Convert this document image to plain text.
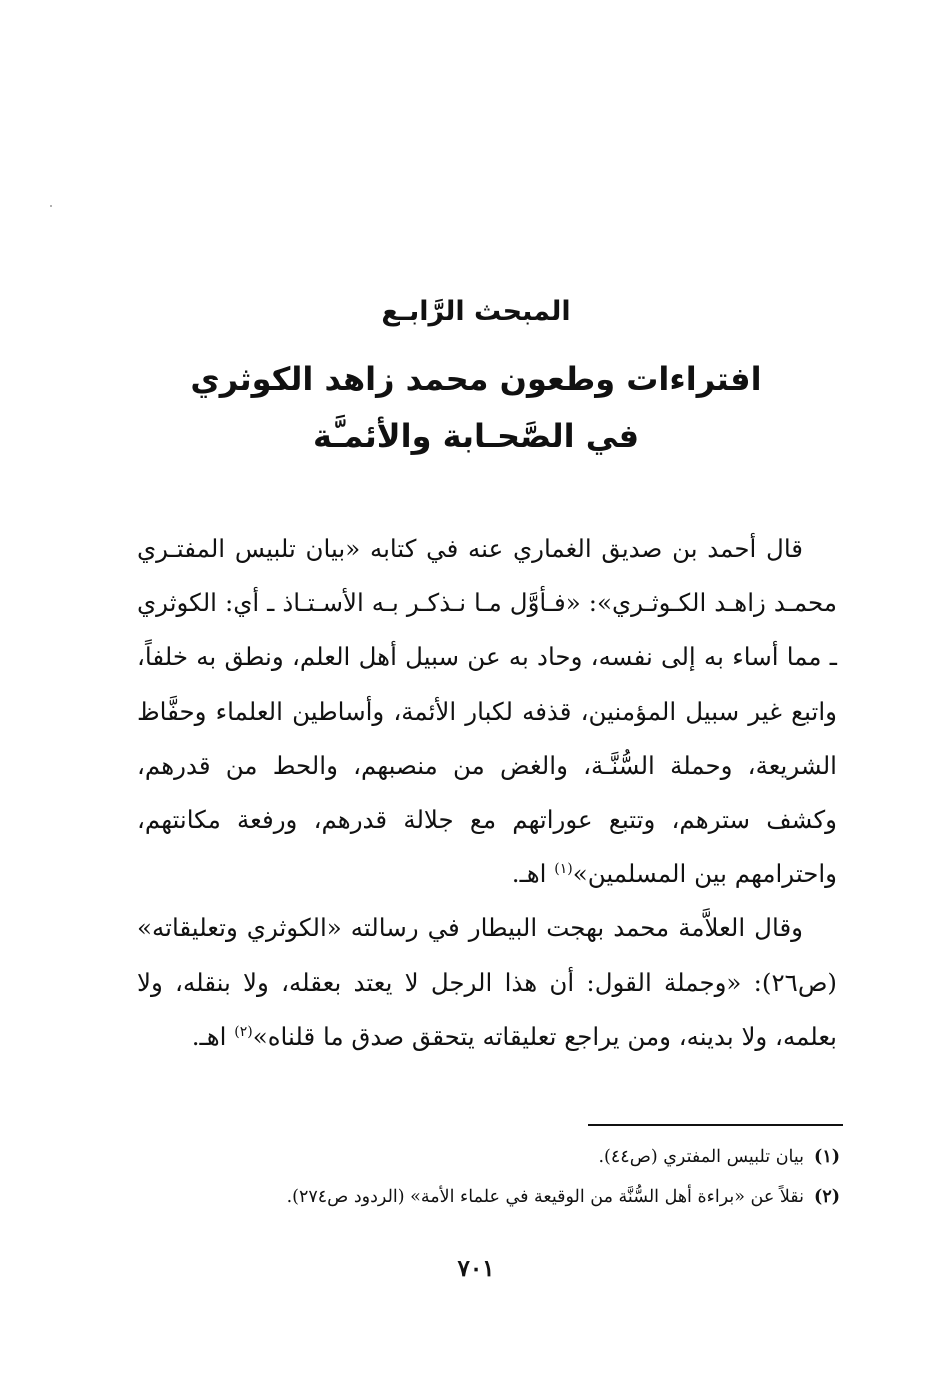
المبحث الرَّابـع
افتراءات وطعون محمد زاهد الكوثري
في الصَّحـابة والأئمـَّة

قال أحمد بن صديق الغماري عنه في كتابه «بيان تلبيس المفتـري محمـد زاهـد الكـوثـري»: «فـأوَّل مـا نـذكـر بـه الأسـتـاذ ـ أي: الكوثري ـ مما أساء به إلى نفسه، وحاد به عن سبيل أهل العلم، ونطق به خلفاً، واتبع غير سبيل المؤمنين، قذفه لكبار الأئمة، وأساطين العلماء وحفَّاظ الشريعة، وحملة السُّنَّـة، والغض من منصبهم، والحط من قدرهم، وكشف سترهم، وتتبع عوراتهم مع جلالة قدرهم، ورفعة مكانتهم، واحترامهم بين المسلمين»$^{(١)}$ اهـ.

وقال العلاَّمة محمد بهجت البيطار في رسالته «الكوثري وتعليقاته» (ص٢٦): «وجملة القول: أن هذا الرجل لا يعتد بعقله، ولا بنقله، ولا بعلمه، ولا بدينه، ومن يراجع تعليقاته يتحقق صدق ما قلناه»$^{(٢)}$ اهـ.

(١)بيان تلبيس المفتري (ص٤٤).

(٢)نقلاً عن «براءة أهل السُّنَّة من الوقيعة في علماء الأمة» (الردود ص٢٧٤).

٧٠١
